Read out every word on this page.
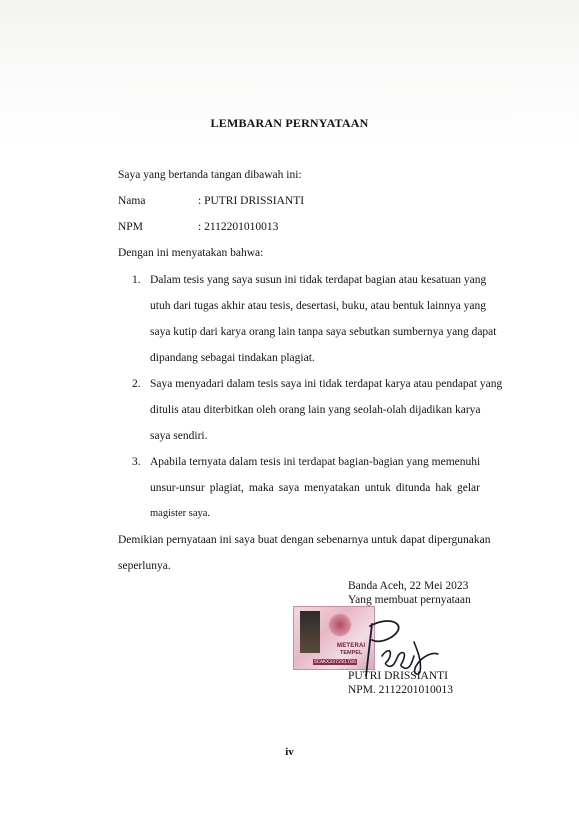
LEMBARAN PERNYATAAN
Saya yang bertanda tangan dibawah ini:
Nama	: PUTRI DRISSIANTI
NPM	: 2112201010013
Dengan ini menyatakan bahwa:
1. Dalam tesis yang saya susun ini tidak terdapat bagian atau kesatuan yang
utuh dari tugas akhir atau tesis, desertasi, buku, atau bentuk lainnya yang
saya kutip dari karya orang lain tanpa saya sebutkan sumbernya yang dapat
dipandang sebagai tindakan plagiat.
2. Saya menyadari dalam tesis saya ini tidak terdapat karya atau pendapat yang
ditulis atau diterbitkan oleh orang lain yang seolah-olah dijadikan karya
saya sendiri.
3. Apabila ternyata dalam tesis ini terdapat bagian-bagian yang memenuhi
unsur-unsur plagiat, maka saya menyatakan untuk ditunda hak gelar
magister saya.
Demikian pernyataan ini saya buat dengan sebenarnya untuk dapat dipergunakan
seperlunya.
Banda Aceh, 22 Mei 2023
Yang membuat pernyataan
METERAI
TEMPEL
5CAKX337291786
PUTRI DRISSIANTI
NPM. 2112201010013
iv
